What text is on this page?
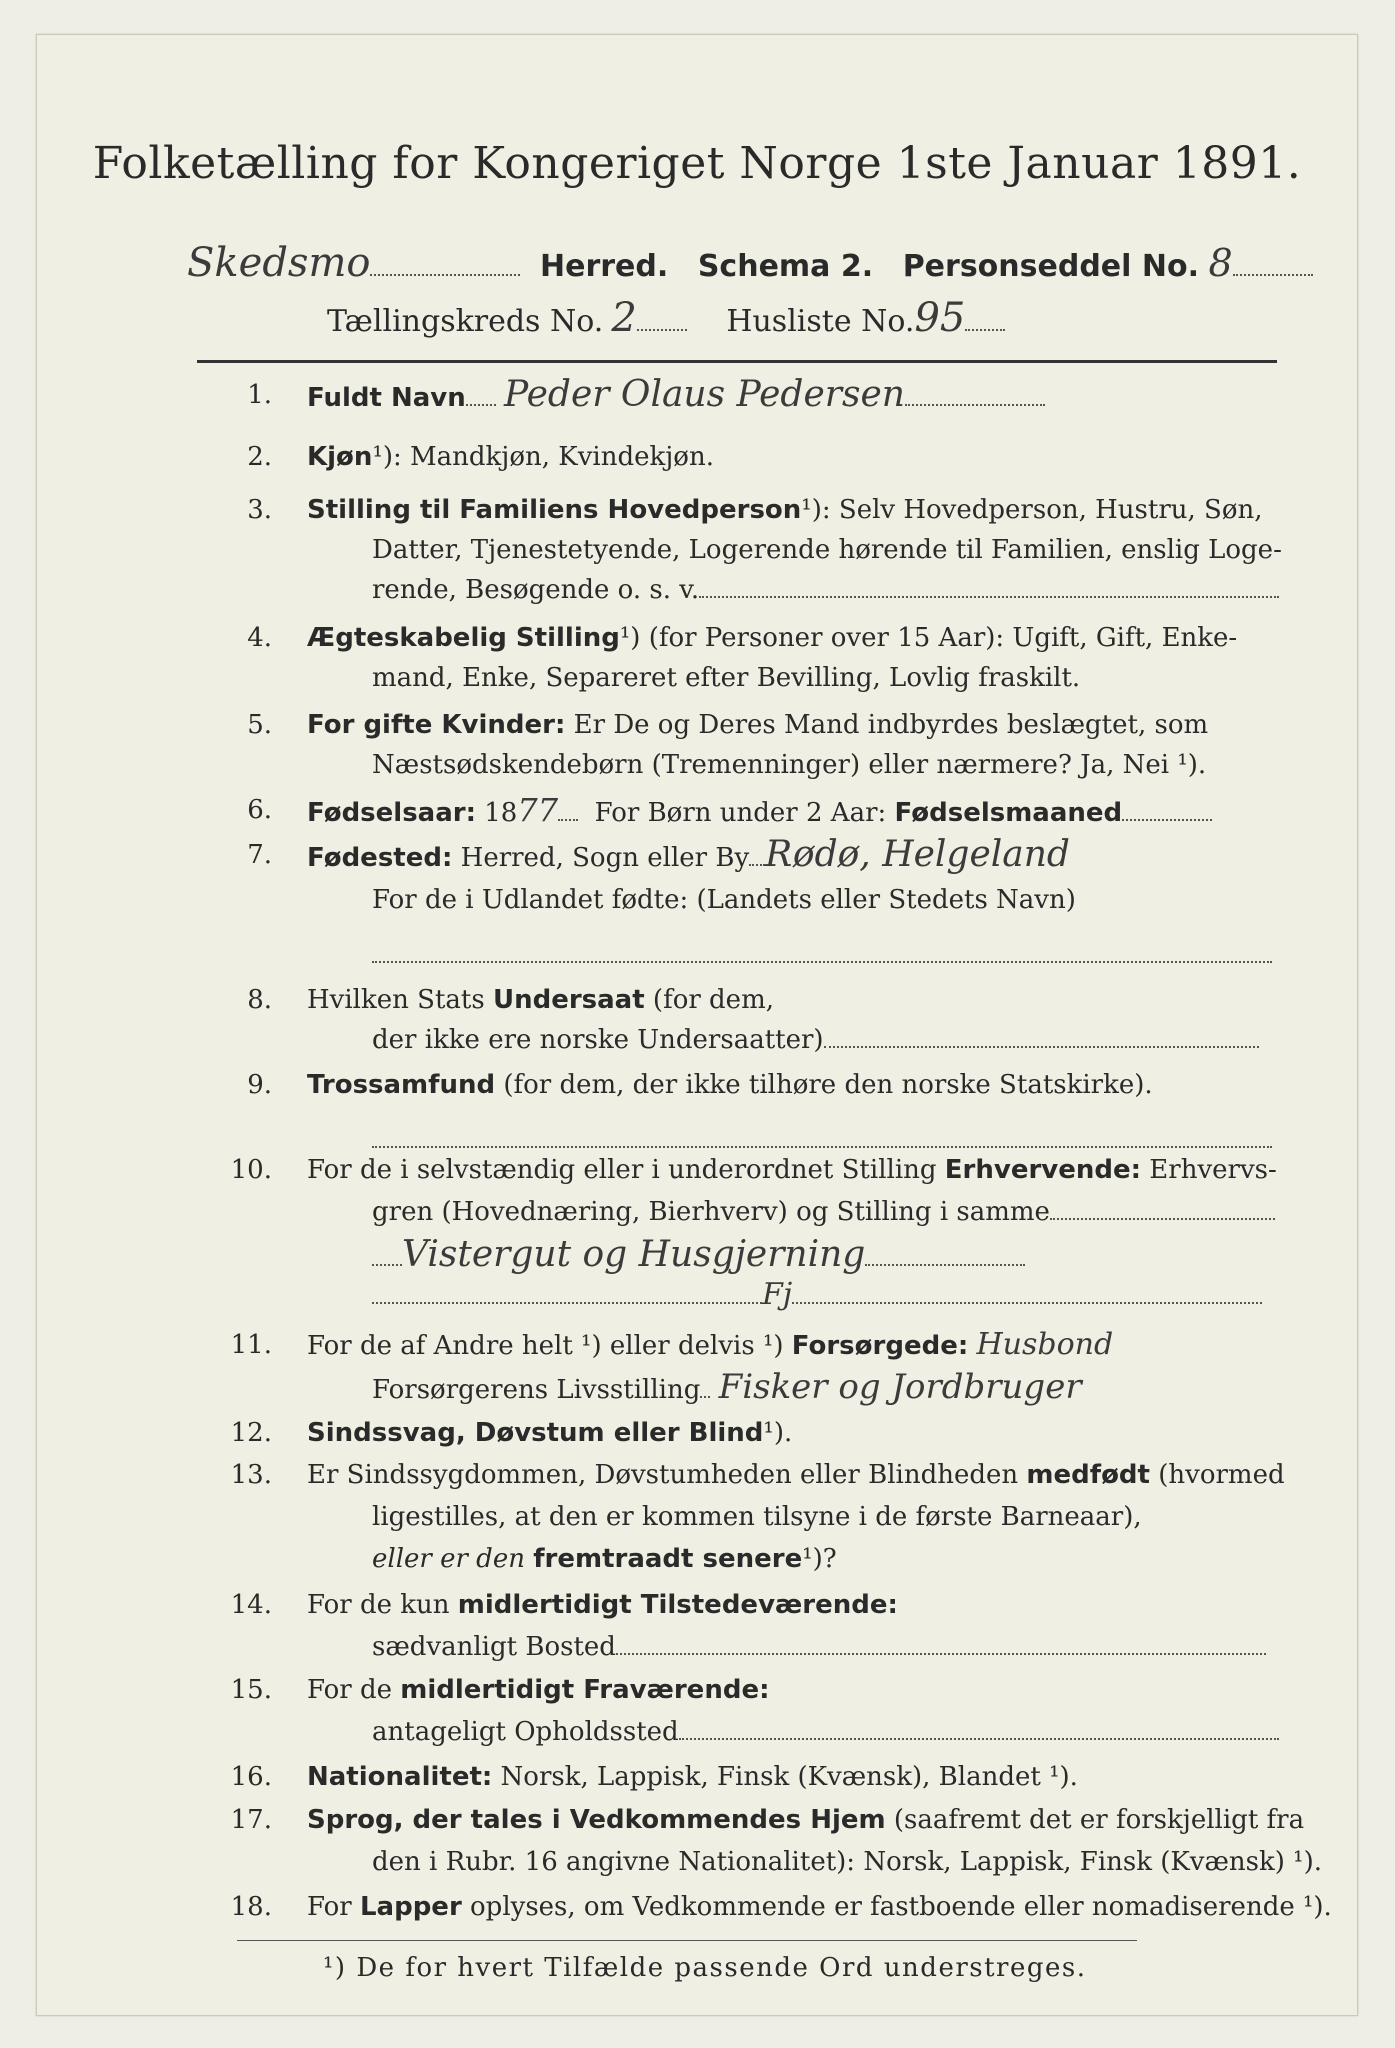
Folketælling for Kongeriget Norge 1ste Januar 1891.
Skedsmo	Herred. Schema 2. Personseddel No. 8
Tællingskreds No. 2	Husliste No.95
1. Fuldt Navn Peder Olaus Pedersen
2. Kjøn¹): Mandkjøn, Kvindekjøn.
3. Stilling til Familiens Hovedperson¹): Selv Hovedperson, Hustru, Søn,
Datter, Tjenestetyende, Logerende hørende til Familien, enslig Loge-
rende, Besøgende o. s. v.
4. Ægteskabelig Stilling¹) (for Personer over 15 Aar): Ugift, Gift, Enke-
mand, Enke, Separeret efter Bevilling, Lovlig fraskilt.
5. For gifte Kvinder: Er De og Deres Mand indbyrdes beslægtet, som
Næstsødskendebørn (Tremenninger) eller nærmere? Ja, Nei ¹).
6. Fødselsaar: 1877 For Børn under 2 Aar: Fødselsmaaned
7. Fødested: Herred, Sogn eller By Rødø, Helgeland
For de i Udlandet fødte: (Landets eller Stedets Navn)
8. Hvilken Stats Undersaat (for dem,
der ikke ere norske Undersaatter)
9. Trossamfund (for dem, der ikke tilhøre den norske Statskirke).
10. For de i selvstændig eller i underordnet Stilling Erhvervende: Erhvervs-
gren (Hovednæring, Bierhverv) og Stilling i samme
Vistergut og Husgjerning
Fj
11. For de af Andre helt ¹) eller delvis ¹) Forsørgede: Husbond
Forsørgerens Livsstilling Fisker og Jordbruger
12. Sindssvag, Døvstum eller Blind¹).
13. Er Sindssygdommen, Døvstumheden eller Blindheden medfødt (hvormed
ligestilles, at den er kommen tilsyne i de første Barneaar),
eller er den fremtraadt senere¹)?
14. For de kun midlertidigt Tilstedeværende:
sædvanligt Bosted
15. For de midlertidigt Fraværende:
antageligt Opholdssted
16. Nationalitet: Norsk, Lappisk, Finsk (Kvænsk), Blandet ¹).
17. Sprog, der tales i Vedkommendes Hjem (saafremt det er forskjelligt fra
den i Rubr. 16 angivne Nationalitet): Norsk, Lappisk, Finsk (Kvænsk) ¹).
18. For Lapper oplyses, om Vedkommende er fastboende eller nomadiserende ¹).
¹) De for hvert Tilfælde passende Ord understreges.
